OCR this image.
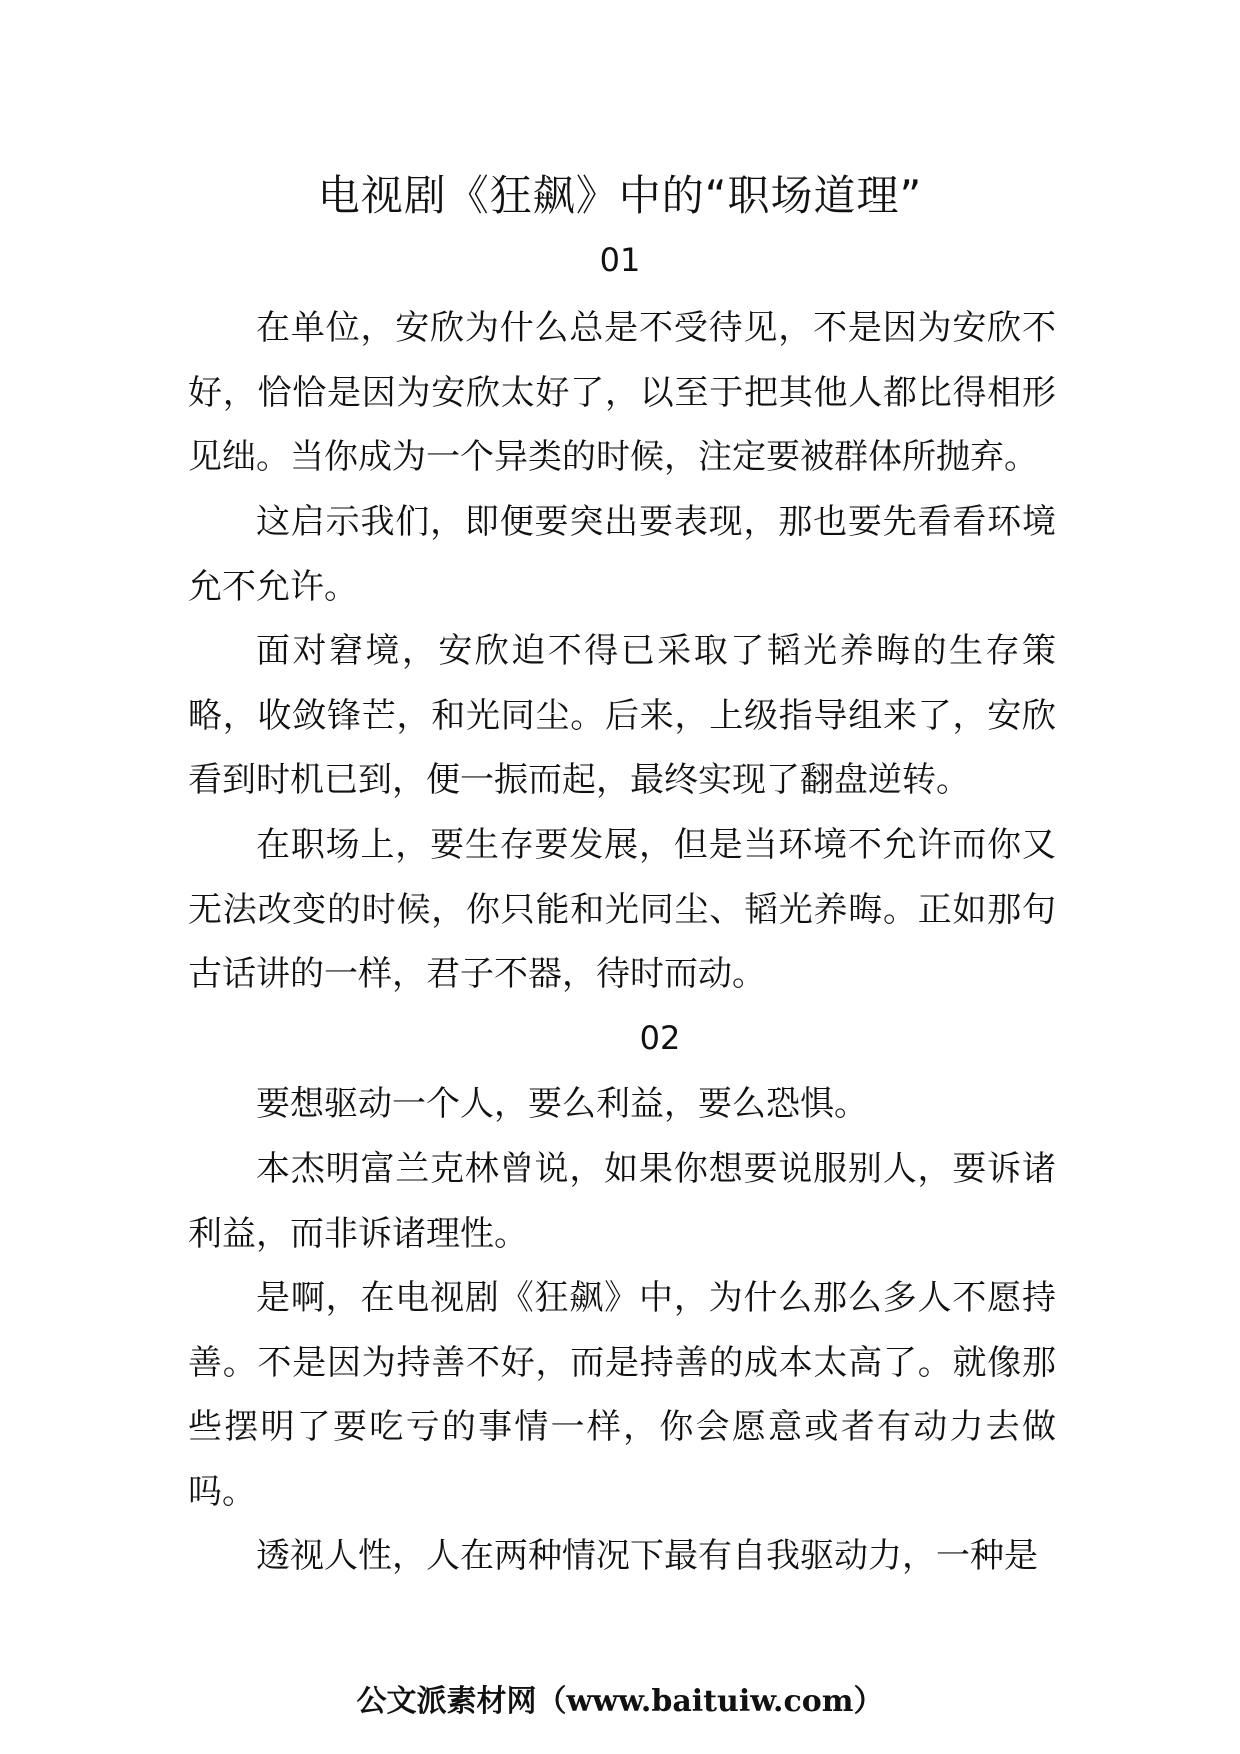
电视剧《狂飙》中的“职场道理”
01

在单位，安欣为什么总是不受待见，不是因为安欣不好，恰恰是因为安欣太好了，以至于把其他人都比得相形见绌。当你成为一个异类的时候，注定要被群体所抛弃。

这启示我们，即便要突出要表现，那也要先看看环境允不允许。

面对窘境，安欣迫不得已采取了韬光养晦的生存策略，收敛锋芒，和光同尘。后来，上级指导组来了，安欣看到时机已到，便一振而起，最终实现了翻盘逆转。

在职场上，要生存要发展，但是当环境不允许而你又无法改变的时候，你只能和光同尘、韬光养晦。正如那句古话讲的一样，君子不器，待时而动。

02

要想驱动一个人，要么利益，要么恐惧。

本杰明富兰克林曾说，如果你想要说服别人，要诉诸利益，而非诉诸理性。

是啊，在电视剧《狂飙》中，为什么那么多人不愿持善。不是因为持善不好，而是持善的成本太高了。就像那些摆明了要吃亏的事情一样，你会愿意或者有动力去做吗。

透视人性，人在两种情况下最有自我驱动力，一种是

公文派素材网（www.baituiw.com）
